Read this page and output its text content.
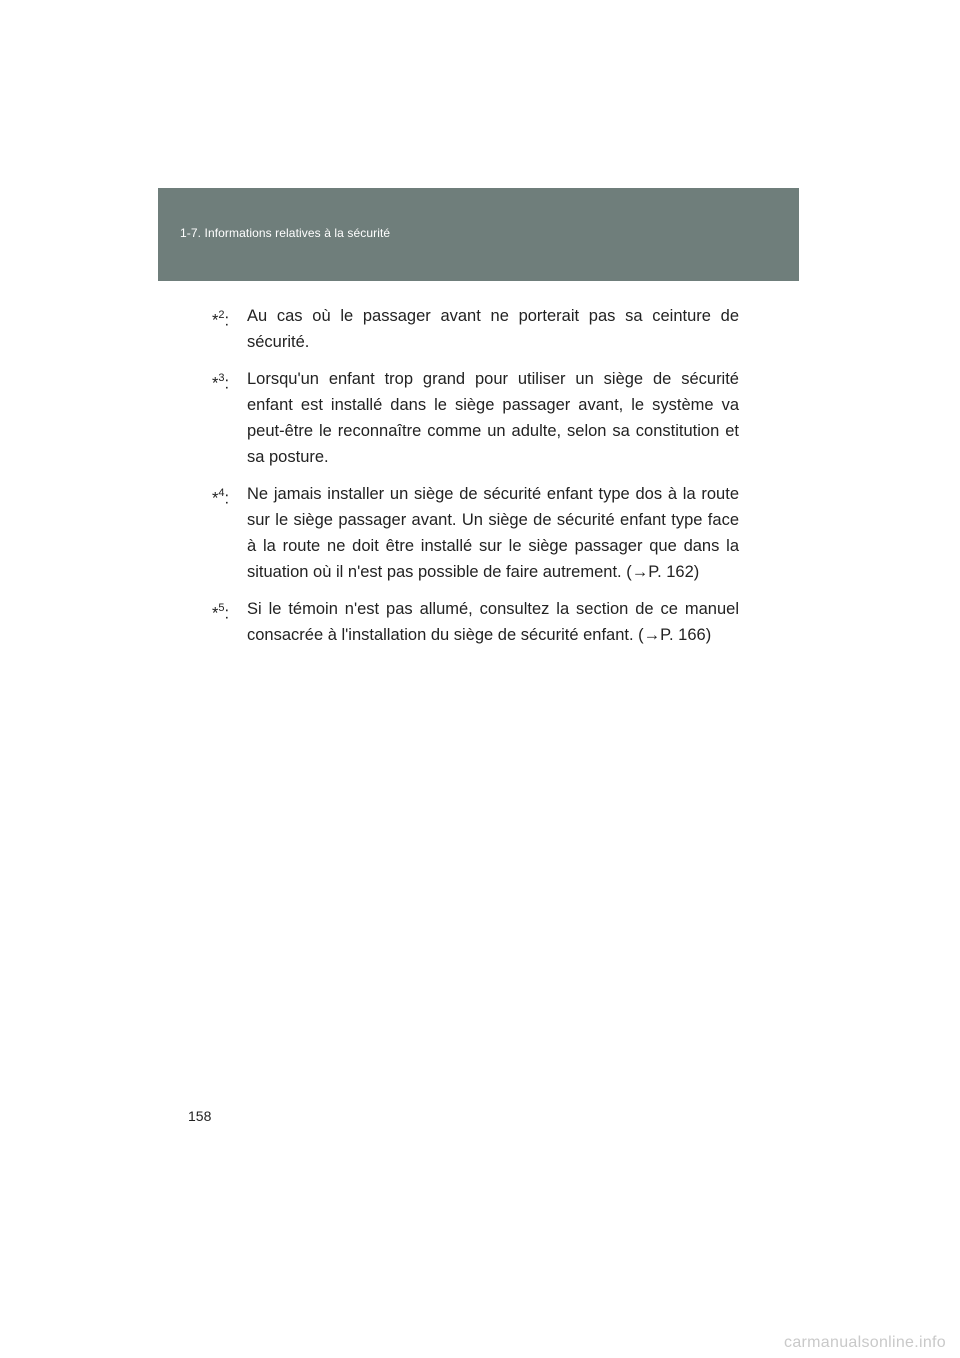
1-7. Informations relatives à la sécurité
*$^2$: Au cas où le passager avant ne porterait pas sa ceinture de sécurité.
*$^3$: Lorsqu'un enfant trop grand pour utiliser un siège de sécurité enfant est installé dans le siège passager avant, le système va peut-être le reconnaître comme un adulte, selon sa constitution et sa posture.
*$^4$: Ne jamais installer un siège de sécurité enfant type dos à la route sur le siège passager avant. Un siège de sécurité enfant type face à la route ne doit être installé sur le siège passager que dans la situation où il n'est pas possible de faire autrement. (→P. 162)
*$^5$: Si le témoin n'est pas allumé, consultez la section de ce manuel consacrée à l'installation du siège de sécurité enfant. (→P. 166)
158
carmanualsonline.info
